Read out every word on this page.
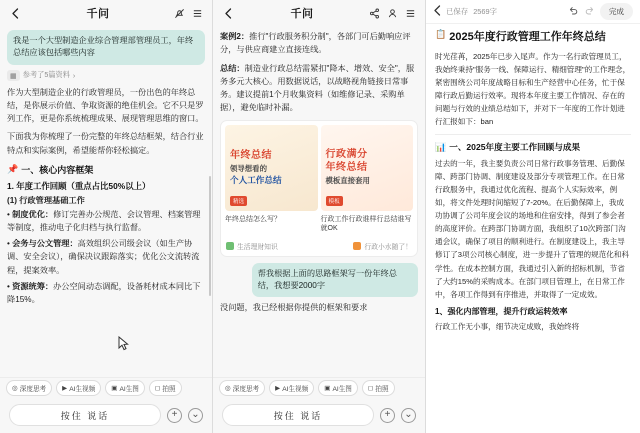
千问
我是一个大型制造企业综合管理部管理员工，年终总结应该包括哪些内容
▦ 参考了5篇资料 ›
作为大型制造企业的行政管理员，一份出色的年终总结，是你展示价值、争取资源的绝佳机会。它不只是罗列工作，更是你系统梳理成果、展现管理思维的窗口。
下面我为你梳理了一份完整的年终总结框架，结合行业特点和实际案例，希望能帮你轻松搞定。
📌 一、核心内容框架
1. 年度工作回顾（重点占比50%以上）
(1) 行政管理基础工作
• 制度优化：修订完善办公规范、会议管理、档案管理等制度，推动电子化归档与执行监督。
• 会务与公文管理：高效组织公司级会议（如生产协调、安全会议），确保决议跟踪落实；优化公文流转流程，提案效率。
• 资源统筹：办公空间动态调配，设备耗材成本同比下降15%。
◎ 深度思考 ▶ AI生视频 ▣ AI生图 ◻ 拍照
按住 说话	+	⌄
千问
案例2：推行"行政服务积分制"，各部门可后勤响应评分，与供应商建立直接连线。
总结：制造业行政总结需紧扣"降本、增效、安全"，服务多元大核心。用数据说话，以战略视角链接日常事务。建议提前1个月收集资料（如维修记录、采购单据），避免临时补漏。
年终总结
领导想看的
个人工作总结
精选
行政满分
年终总结
模板直接套用
模板
年终总结怎么写？	行政工作行政谁样行总结谁写就OK
生活理财知识	行政小水随了！
帮我根据上面的思路框架写一份年终总结，我想要2000字
没问题，我已经根据你提供的框架和要求
◎ 深度思考 ▶ AI生视频 ▣ AI生图 ◻ 拍照
按住 说话	+	⌄
已保存 2569字	完成
📋 2025年度行政管理工作年终总结
时光荏苒，2025年已步入尾声。作为一名行政管理员工，我始终秉持"服务一线、保障运行、精细管理"的工作理念，紧密围绕公司年度战略目标和生产经营中心任务，忙于保障行政后勤运行效率。现将本年度主要工作情况、存在的问题与行效的业绩总结如下，并对下一年度的工作计划进行汇报如下：ban
📊 一、2025年度主要工作回顾与成果
过去的一年，我主要负责公司日常行政事务管理、后勤保障、跨部门协调、制度建设及部分专项管理工作。在日常行政服务中，我通过优化流程、提高个人实际效率，例如，将文件处理时间缩短了7-20%。在后勤保障上，我成功协调了公司年度会议的场地和住宿安排，得到了参会者的高度评价。在跨部门协调方面，我组织了10次跨部门沟通会议，确保了项目的顺利进行。在制度建设上，我主导修订了3项公司核心制度，进一步提升了管理的规范化和科学性。在成本控制方面，我通过引入新的招标机制，节省了大约15%的采购成本。在部门项目管理上，在日常工作中，各项工作得到有序推进，并取得了一定成效。
1、强化内部管理，提升行政运转效率
行政工作无小事，细节决定成败，我始终将
